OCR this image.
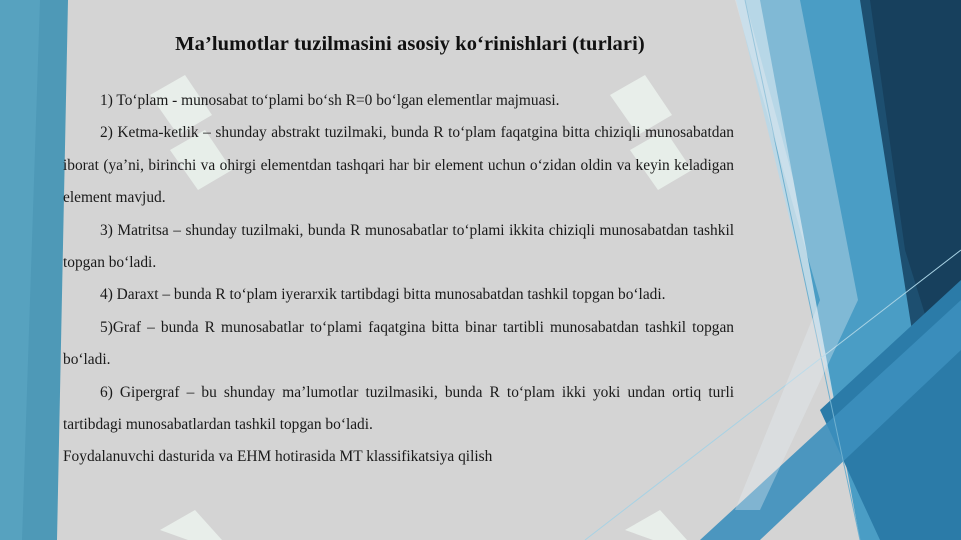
Ma’lumotlar tuzilmasini asosiy ko‘rinishlari (turlari)

1) To‘plam - munosabat to‘plami bo‘sh R=0 bo‘lgan elementlar majmuasi.

2) Ketma-ketlik – shunday abstrakt tuzilmaki, bunda R to‘plam faqatgina bitta chiziqli munosabatdan iborat (ya’ni, birinchi va ohirgi elementdan tashqari har bir element uchun o‘zidan oldin va keyin keladigan element mavjud.

3) Matritsa – shunday tuzilmaki, bunda R munosabatlar to‘plami ikkita chiziqli munosabatdan tashkil topgan bo‘ladi.

4) Daraxt – bunda R to‘plam iyerarxik tartibdagi bitta munosabatdan tashkil topgan bo‘ladi.

5)Graf – bunda R munosabatlar to‘plami faqatgina bitta binar tartibli munosabatdan tashkil topgan bo‘ladi.

6) Gipergraf – bu shunday ma’lumotlar tuzilmasiki, bunda R to‘plam ikki yoki undan ortiq turli tartibdagi munosabatlardan tashkil topgan bo‘ladi.

Foydalanuvchi dasturida va EHM hotirasida MT klassifikatsiya qilish
